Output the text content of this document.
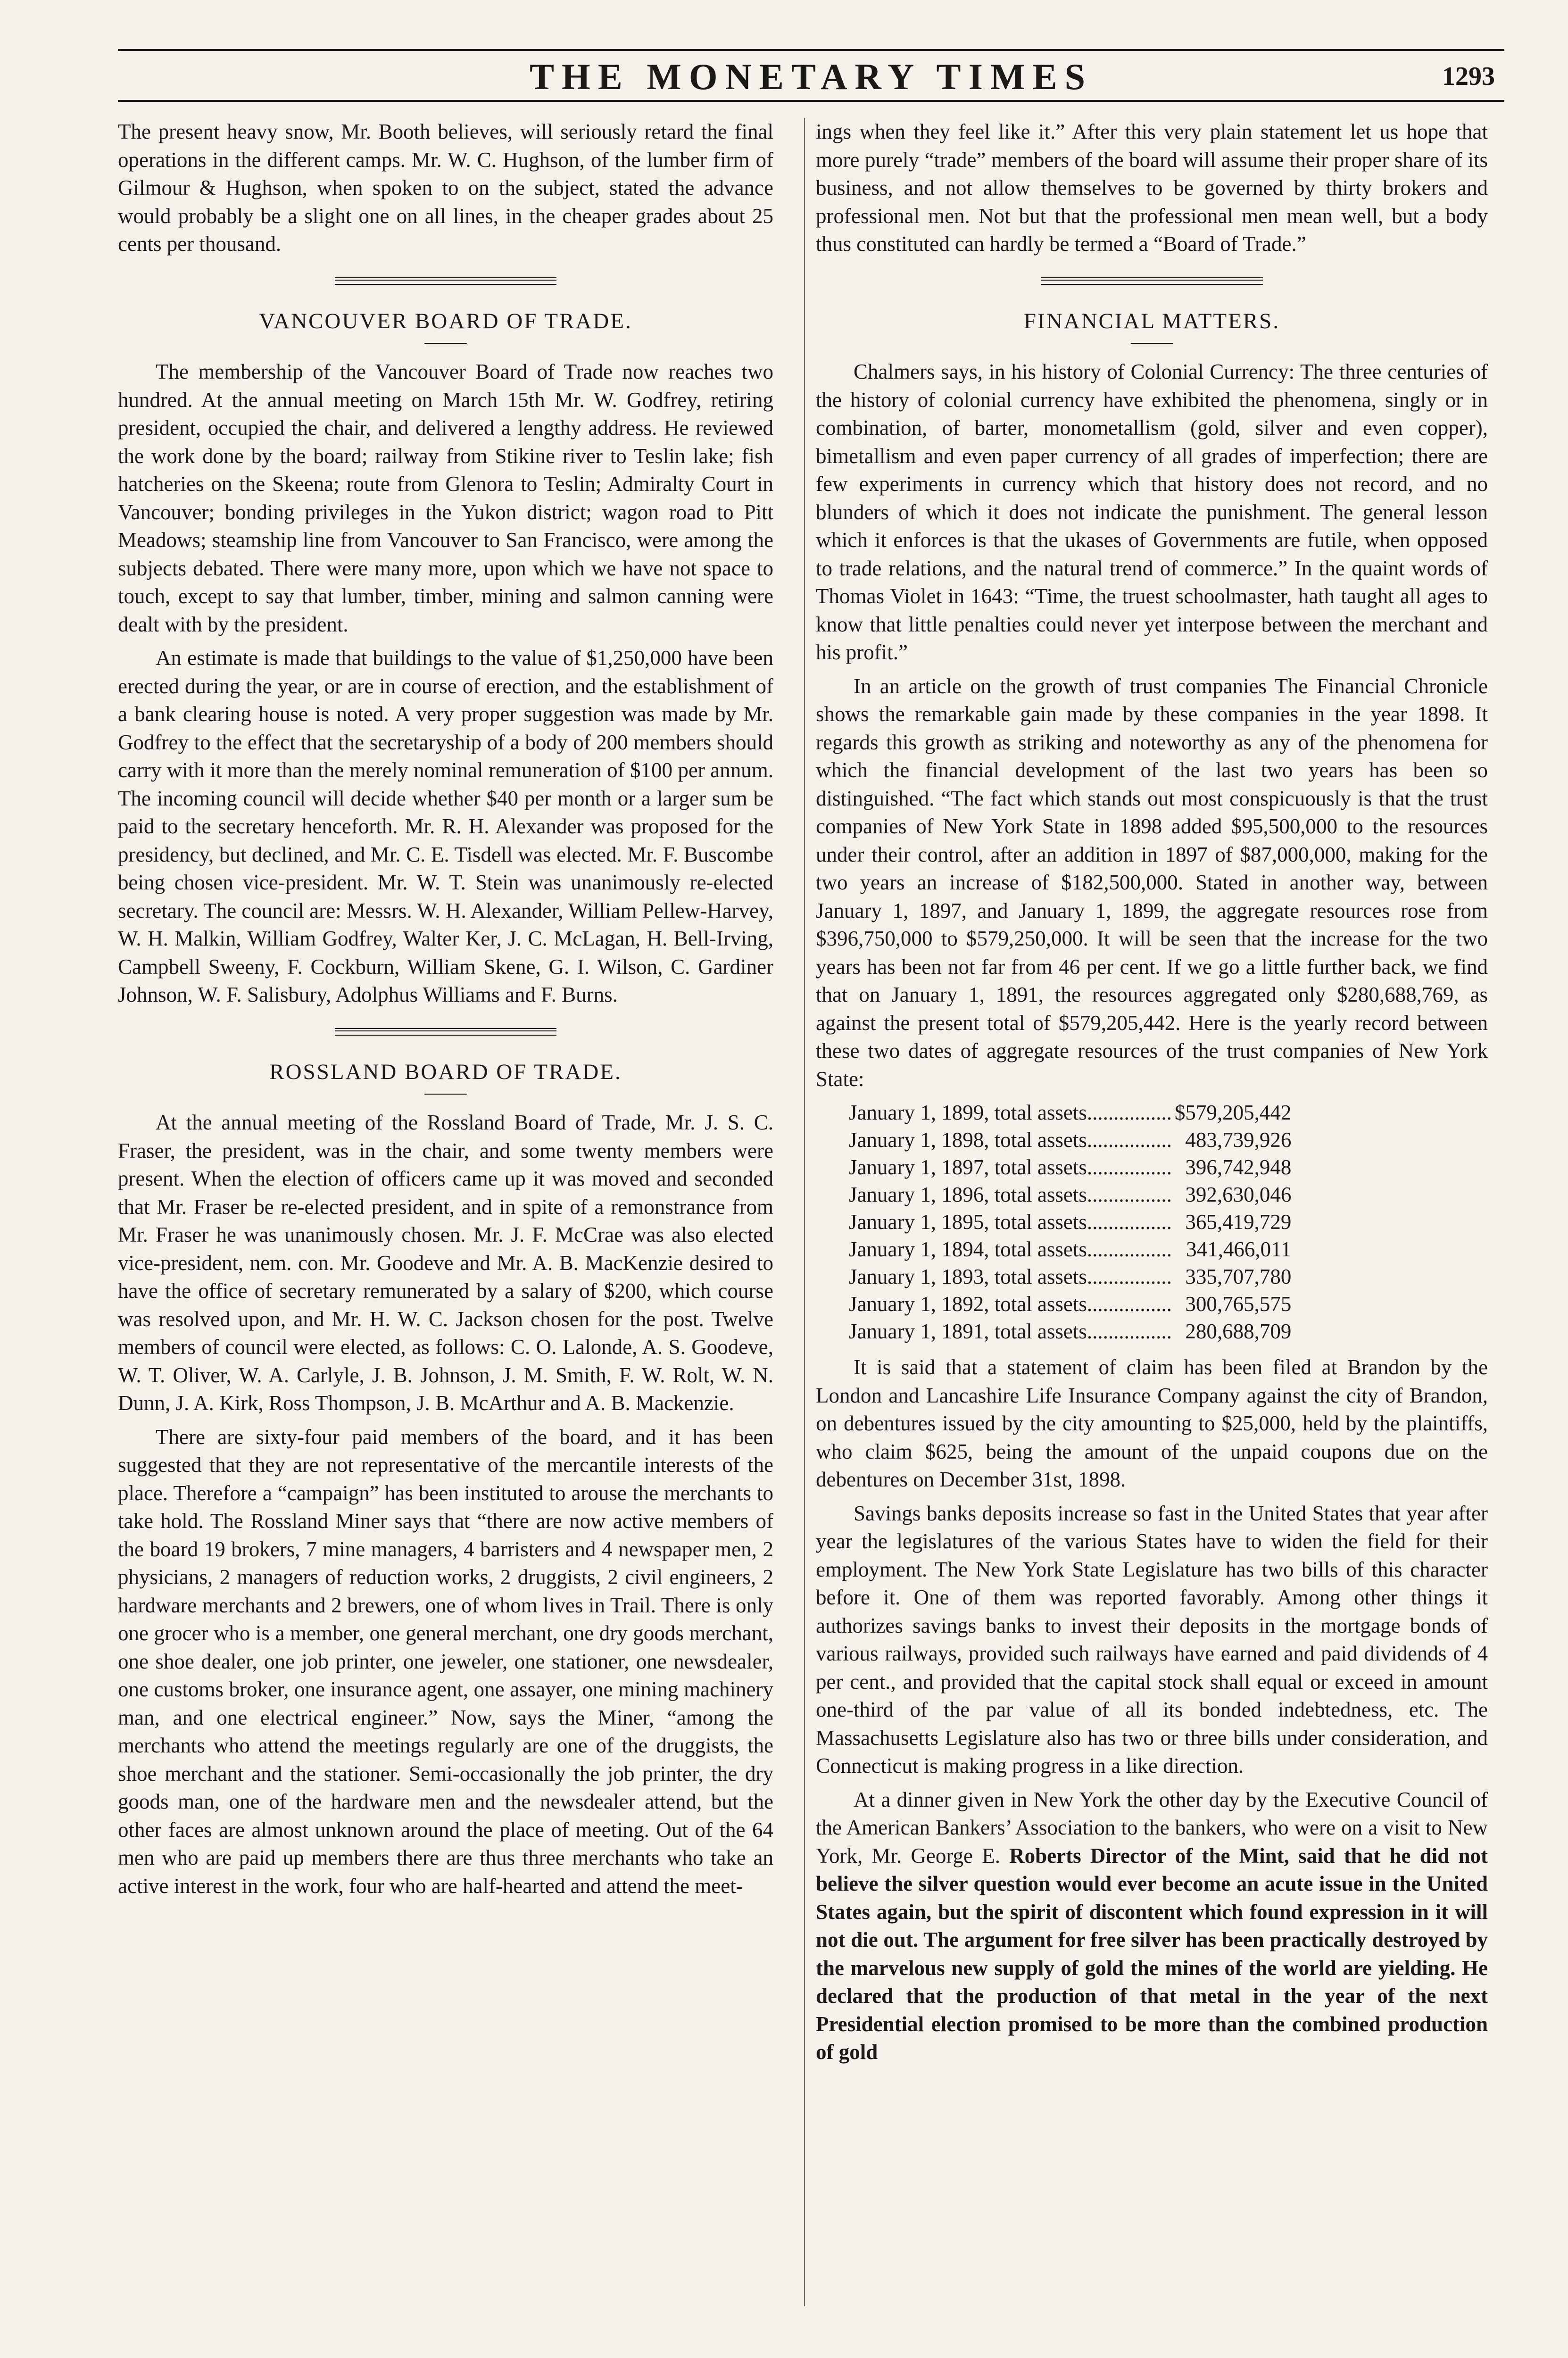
THE MONETARY TIMES	1293

The present heavy snow, Mr. Booth believes, will seriously retard the final operations in the different camps. Mr. W. C. Hughson, of the lumber firm of Gilmour & Hughson, when spoken to on the subject, stated the advance would probably be a slight one on all lines, in the cheaper grades about 25 cents per thousand.

VANCOUVER BOARD OF TRADE.

The membership of the Vancouver Board of Trade now reaches two hundred. At the annual meeting on March 15th Mr. W. Godfrey, retiring president, occupied the chair, and delivered a lengthy address. He reviewed the work done by the board; railway from Stikine river to Teslin lake; fish hatcheries on the Skeena; route from Glenora to Teslin; Admiralty Court in Vancouver; bonding privileges in the Yukon district; wagon road to Pitt Meadows; steamship line from Vancouver to San Francisco, were among the subjects debated. There were many more, upon which we have not space to touch, except to say that lumber, timber, mining and salmon canning were dealt with by the president.

An estimate is made that buildings to the value of $1,250,000 have been erected during the year, or are in course of erection, and the establishment of a bank clearing house is noted. A very proper suggestion was made by Mr. Godfrey to the effect that the secretaryship of a body of 200 members should carry with it more than the merely nominal remuneration of $100 per annum. The incoming council will decide whether $40 per month or a larger sum be paid to the secretary henceforth. Mr. R. H. Alexander was proposed for the presidency, but declined, and Mr. C. E. Tisdell was elected. Mr. F. Buscombe being chosen vice-president. Mr. W. T. Stein was unanimously re-elected secretary. The council are: Messrs. W. H. Alexander, William Pellew-Harvey, W. H. Malkin, William Godfrey, Walter Ker, J. C. McLagan, H. Bell-Irving, Campbell Sweeny, F. Cockburn, William Skene, G. I. Wilson, C. Gardiner Johnson, W. F. Salisbury, Adolphus Williams and F. Burns.

ROSSLAND BOARD OF TRADE.

At the annual meeting of the Rossland Board of Trade, Mr. J. S. C. Fraser, the president, was in the chair, and some twenty members were present. When the election of officers came up it was moved and seconded that Mr. Fraser be re-elected president, and in spite of a remonstrance from Mr. Fraser he was unanimously chosen. Mr. J. F. McCrae was also elected vice-president, nem. con. Mr. Goodeve and Mr. A. B. MacKenzie desired to have the office of secretary remunerated by a salary of $200, which course was resolved upon, and Mr. H. W. C. Jackson chosen for the post. Twelve members of council were elected, as follows: C. O. Lalonde, A. S. Goodeve, W. T. Oliver, W. A. Carlyle, J. B. Johnson, J. M. Smith, F. W. Rolt, W. N. Dunn, J. A. Kirk, Ross Thompson, J. B. McArthur and A. B. Mackenzie.

There are sixty-four paid members of the board, and it has been suggested that they are not representative of the mercantile interests of the place. Therefore a “campaign” has been instituted to arouse the merchants to take hold. The Rossland Miner says that “there are now active members of the board 19 brokers, 7 mine managers, 4 barristers and 4 newspaper men, 2 physicians, 2 managers of reduction works, 2 druggists, 2 civil engineers, 2 hardware merchants and 2 brewers, one of whom lives in Trail. There is only one grocer who is a member, one general merchant, one dry goods merchant, one shoe dealer, one job printer, one jeweler, one stationer, one newsdealer, one customs broker, one insurance agent, one assayer, one mining machinery man, and one electrical engineer.” Now, says the Miner, “among the merchants who attend the meetings regularly are one of the druggists, the shoe merchant and the stationer. Semi-occasionally the job printer, the dry goods man, one of the hardware men and the newsdealer attend, but the other faces are almost unknown around the place of meeting. Out of the 64 men who are paid up members there are thus three merchants who take an active interest in the work, four who are half-hearted and attend the meet-

ings when they feel like it.” After this very plain statement let us hope that more purely “trade” members of the board will assume their proper share of its business, and not allow themselves to be governed by thirty brokers and professional men. Not but that the professional men mean well, but a body thus constituted can hardly be termed a “Board of Trade.”

FINANCIAL MATTERS.

Chalmers says, in his history of Colonial Currency: The three centuries of the history of colonial currency have exhibited the phenomena, singly or in combination, of barter, monometallism (gold, silver and even copper), bimetallism and even paper currency of all grades of imperfection; there are few experiments in currency which that history does not record, and no blunders of which it does not indicate the punishment. The general lesson which it enforces is that the ukases of Governments are futile, when opposed to trade relations, and the natural trend of commerce.” In the quaint words of Thomas Violet in 1643: “Time, the truest schoolmaster, hath taught all ages to know that little penalties could never yet interpose between the merchant and his profit.”

In an article on the growth of trust companies The Financial Chronicle shows the remarkable gain made by these companies in the year 1898. It regards this growth as striking and noteworthy as any of the phenomena for which the financial development of the last two years has been so distinguished. “The fact which stands out most conspicuously is that the trust companies of New York State in 1898 added $95,500,000 to the resources under their control, after an addition in 1897 of $87,000,000, making for the two years an increase of $182,500,000. Stated in another way, between January 1, 1897, and January 1, 1899, the aggregate resources rose from $396,750,000 to $579,250,000. It will be seen that the increase for the two years has been not far from 46 per cent. If we go a little further back, we find that on January 1, 1891, the resources aggregated only $280,688,769, as against the present total of $579,205,442. Here is the yearly record between these two dates of aggregate resources of the trust companies of New York State:

January 1, 1899, total assets	................	$579,205,442
January 1, 1898, total assets	................	483,739,926
January 1, 1897, total assets	................	396,742,948
January 1, 1896, total assets	................	392,630,046
January 1, 1895, total assets	................	365,419,729
January 1, 1894, total assets	................	341,466,011
January 1, 1893, total assets	................	335,707,780
January 1, 1892, total assets	................	300,765,575
January 1, 1891, total assets	................	280,688,709

It is said that a statement of claim has been filed at Brandon by the London and Lancashire Life Insurance Company against the city of Brandon, on debentures issued by the city amounting to $25,000, held by the plaintiffs, who claim $625, being the amount of the unpaid coupons due on the debentures on December 31st, 1898.

Savings banks deposits increase so fast in the United States that year after year the legislatures of the various States have to widen the field for their employment. The New York State Legislature has two bills of this character before it. One of them was reported favorably. Among other things it authorizes savings banks to invest their deposits in the mortgage bonds of various railways, provided such railways have earned and paid dividends of 4 per cent., and provided that the capital stock shall equal or exceed in amount one-third of the par value of all its bonded indebtedness, etc. The Massachusetts Legislature also has two or three bills under consideration, and Connecticut is making progress in a like direction.

At a dinner given in New York the other day by the Executive Council of the American Bankers’ Association to the bankers, who were on a visit to New York, Mr. George E. Roberts Director of the Mint, said that he did not believe the silver question would ever become an acute issue in the United States again, but the spirit of discontent which found expression in it will not die out. The argument for free silver has been practically destroyed by the marvelous new supply of gold the mines of the world are yielding. He declared that the production of that metal in the year of the next Presidential election promised to be more than the combined production of gold
